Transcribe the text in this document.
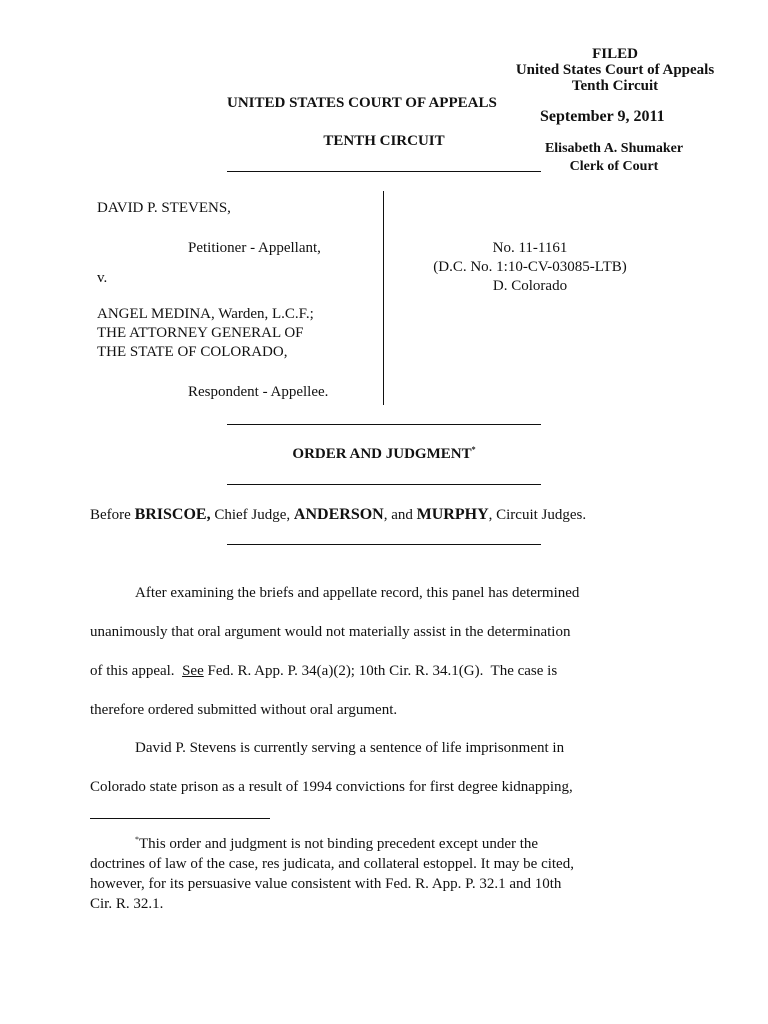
FILED
United States Court of Appeals
Tenth Circuit
September 9, 2011
Elisabeth A. Shumaker
Clerk of Court
UNITED STATES COURT OF APPEALS
TENTH CIRCUIT
DAVID P. STEVENS,
Petitioner - Appellant,
v.
ANGEL MEDINA, Warden, L.C.F.;
THE ATTORNEY GENERAL OF
THE STATE OF COLORADO,
Respondent - Appellee.
No. 11-1161
(D.C. No. 1:10-CV-03085-LTB)
D. Colorado
ORDER AND JUDGMENT*
Before BRISCOE, Chief Judge, ANDERSON, and MURPHY, Circuit Judges.
After examining the briefs and appellate record, this panel has determined
unanimously that oral argument would not materially assist in the determination
of this appeal.  See Fed. R. App. P. 34(a)(2); 10th Cir. R. 34.1(G).  The case is
therefore ordered submitted without oral argument.
David P. Stevens is currently serving a sentence of life imprisonment in
Colorado state prison as a result of 1994 convictions for first degree kidnapping,
*This order and judgment is not binding precedent except under the
doctrines of law of the case, res judicata, and collateral estoppel. It may be cited,
however, for its persuasive value consistent with Fed. R. App. P. 32.1 and 10th
Cir. R. 32.1.
